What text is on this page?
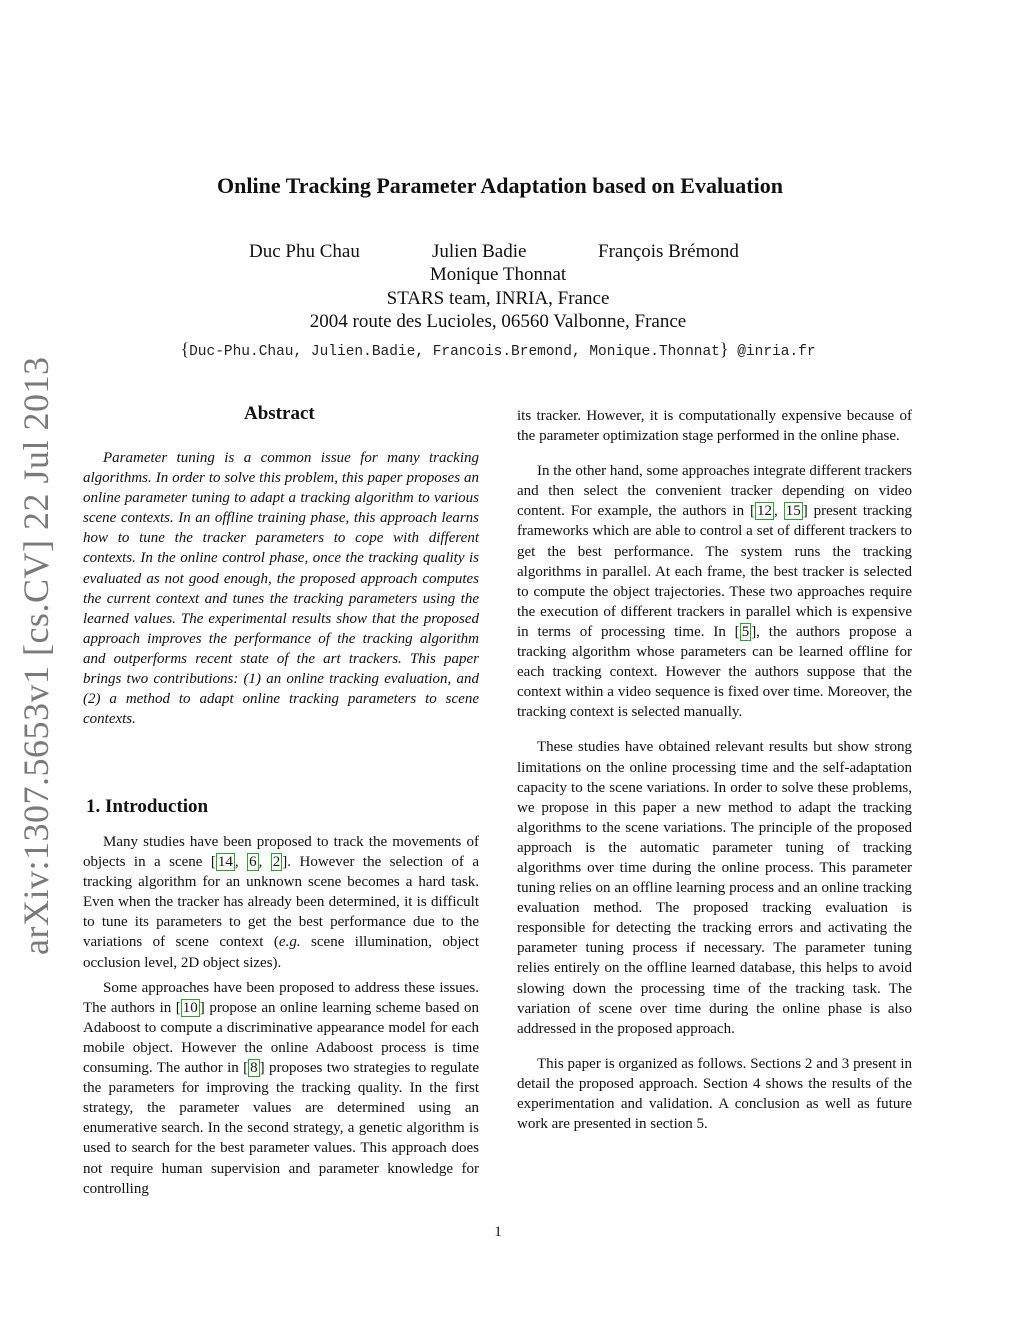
arXiv:1307.5653v1 [cs.CV] 22 Jul 2013
Online Tracking Parameter Adaptation based on Evaluation
Duc Phu Chau	Julien Badie	François Brémond
Monique Thonnat
STARS team, INRIA, France
2004 route des Lucioles, 06560 Valbonne, France
{Duc-Phu.Chau, Julien.Badie, Francois.Bremond, Monique.Thonnat} @inria.fr
Abstract

Parameter tuning is a common issue for many tracking algorithms. In order to solve this problem, this paper proposes an online parameter tuning to adapt a tracking algorithm to various scene contexts. In an offline training phase, this approach learns how to tune the tracker parameters to cope with different contexts. In the online control phase, once the tracking quality is evaluated as not good enough, the proposed approach computes the current context and tunes the tracking parameters using the learned values. The experimental results show that the proposed approach improves the performance of the tracking algorithm and outperforms recent state of the art trackers. This paper brings two contributions: (1) an online tracking evaluation, and (2) a method to adapt online tracking parameters to scene contexts.

1. Introduction

Many studies have been proposed to track the movements of objects in a scene [ 14 , 6 , 2 ]. However the selection of a tracking algorithm for an unknown scene becomes a hard task. Even when the tracker has already been determined, it is difficult to tune its parameters to get the best performance due to the variations of scene context (e.g. scene illumination, object occlusion level, 2D object sizes).

Some approaches have been proposed to address these issues. The authors in [ 10 ] propose an online learning scheme based on Adaboost to compute a discriminative appearance model for each mobile object. However the online Adaboost process is time consuming. The author in [ 8 ] proposes two strategies to regulate the parameters for improving the tracking quality. In the first strategy, the parameter values are determined using an enumerative search. In the second strategy, a genetic algorithm is used to search for the best parameter values. This approach does not require human supervision and parameter knowledge for controlling

its tracker. However, it is computationally expensive because of the parameter optimization stage performed in the online phase.

In the other hand, some approaches integrate different trackers and then select the convenient tracker depending on video content. For example, the authors in [ 12 , 15 ] present tracking frameworks which are able to control a set of different trackers to get the best performance. The system runs the tracking algorithms in parallel. At each frame, the best tracker is selected to compute the object trajectories. These two approaches require the execution of different trackers in parallel which is expensive in terms of processing time. In [ 5 ], the authors propose a tracking algorithm whose parameters can be learned offline for each tracking context. However the authors suppose that the context within a video sequence is fixed over time. Moreover, the tracking context is selected manually.

These studies have obtained relevant results but show strong limitations on the online processing time and the self-adaptation capacity to the scene variations. In order to solve these problems, we propose in this paper a new method to adapt the tracking algorithms to the scene variations. The principle of the proposed approach is the automatic parameter tuning of tracking algorithms over time during the online process. This parameter tuning relies on an offline learning process and an online tracking evaluation method. The proposed tracking evaluation is responsible for detecting the tracking errors and activating the parameter tuning process if necessary. The parameter tuning relies entirely on the offline learned database, this helps to avoid slowing down the processing time of the tracking task. The variation of scene over time during the online phase is also addressed in the proposed approach.

This paper is organized as follows. Sections 2 and 3 present in detail the proposed approach. Section 4 shows the results of the experimentation and validation. A conclusion as well as future work are presented in section 5.

1
